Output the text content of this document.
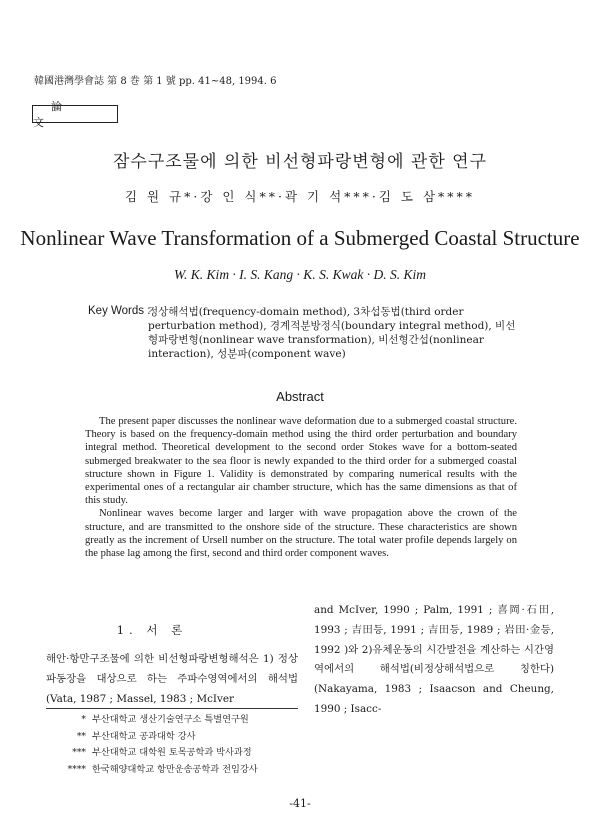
韓國港灣學會誌 第 8 巻 第 1 號 pp. 41~48, 1994. 6
論 文
잠수구조물에 의한 비선형파랑변형에 관한 연구
김 원 규*·강 인 식**·곽 기 석***·김 도 삼****
Nonlinear Wave Transformation of a Submerged Coastal Structure
W. K. Kim · I. S. Kang · K. S. Kwak · D. S. Kim
Key Words :
정상해석법(frequency-domain method), 3차섭동법(third order perturbation method), 경계적분방정식(boundary integral method), 비선형파랑변형(nonlinear wave transformation), 비선형간섭(nonlinear interaction), 성분파(component wave)
Abstract

The present paper discusses the nonlinear wave deformation due to a submerged coastal structure. Theory is based on the frequency-domain method using the third order perturbation and boundary integral method. Theoretical development to the second order Stokes wave for a bottom-seated submerged breakwater to the sea floor is newly expanded to the third order for a submerged coastal structure shown in Figure 1. Validity is demonstrated by comparing numerical results with the experimental ones of a rectangular air chamber structure, which has the same dimensions as that of this study.

Nonlinear waves become larger and larger with wave propagation above the crown of the structure, and are transmitted to the onshore side of the structure. These characteristics are shown greatly as the increment of Ursell number on the structure. The total water profile depends largely on the phase lag among the first, second and third order component waves.

1. 서 론
해안·항만구조물에 의한 비선형파랑변형해석은 1) 정상파동장을 대상으로 하는 주파수영역에서의 해석법(Vata, 1987 ; Massel, 1983 ; McIver
and McIver, 1990 ; Palm, 1991 ; 喜岡·石田, 1993 ; 吉田등, 1991 ; 吉田등, 1989 ; 岩田·金등, 1992 )와 2)유체운동의 시간발전을 계산하는 시간영역에서의 해석법(비정상해석법으로 칭한다)(Nakayama, 1983 ; Isaacson and Cheung, 1990 ; Isacc-
* 부산대학교 생산기술연구소 특별연구원
** 부산대학교 공과대학 강사
*** 부산대학교 대학원 토목공학과 박사과정
**** 한국해양대학교 항만운송공학과 전임강사
-41-
